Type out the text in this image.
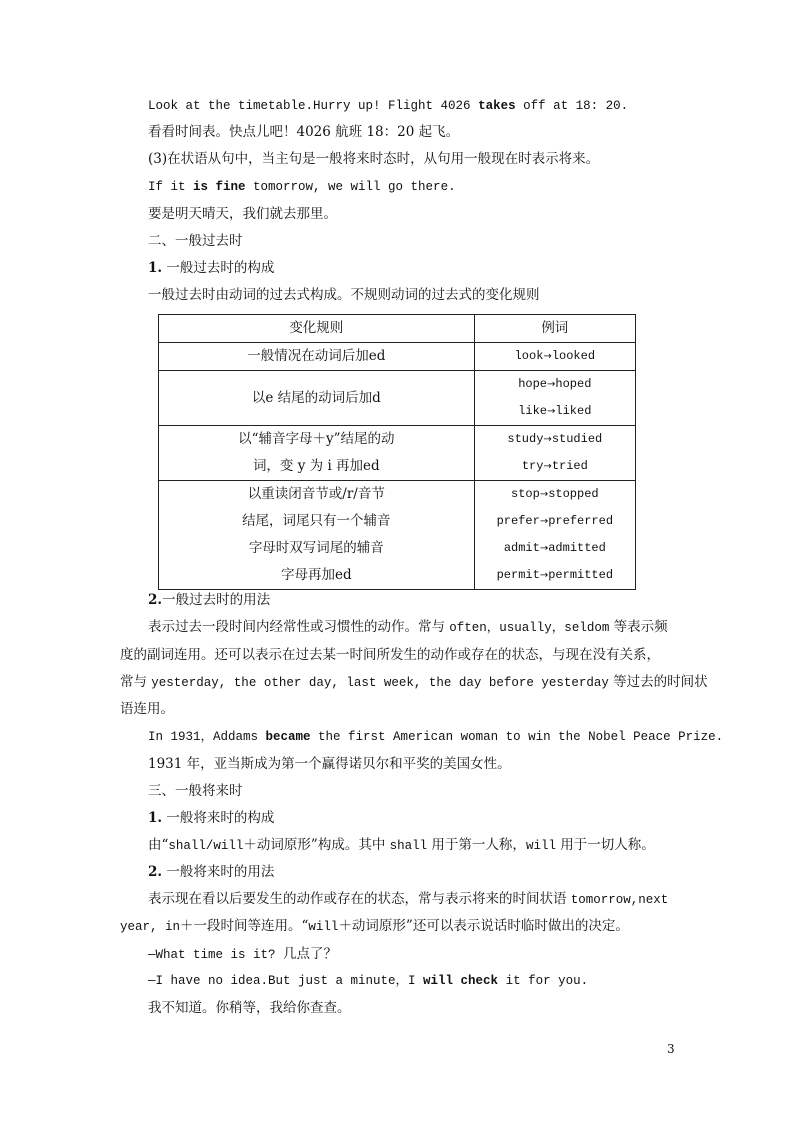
Look at the timetable.Hurry up! Flight 4026 takes off at 18: 20.
看看时间表。快点儿吧！4026 航班 18：20 起飞。
(3)在状语从句中，当主句是一般将来时态时，从句用一般现在时表示将来。
If it is fine tomorrow, we will go there.
要是明天晴天，我们就去那里。
二、一般过去时
1. 一般过去时的构成
一般过去时由动词的过去式构成。不规则动词的过去式的变化规则
变化规则	例词

一般情况在动词后加ed	look→looked

以e 结尾的动词后加d	hope→hoped
like→liked

以“辅音字母＋y”结尾的动
词，变 y 为 i 再加ed	study→studied
try→tried

以重读闭音节或/r/音节
结尾，词尾只有一个辅音
字母时双写词尾的辅音
字母再加ed	stop→stopped
prefer→preferred
admit→admitted
permit→permitted
2.一般过去时的用法
表示过去一段时间内经常性或习惯性的动作。常与 often，usually，seldom 等表示频
度的副词连用。还可以表示在过去某一时间所发生的动作或存在的状态，与现在没有关系，
常与 yesterday, the other day, last week, the day before yesterday 等过去的时间状
语连用。
In 1931，Addams became the first American woman to win the Nobel Peace Prize.
1931 年，亚当斯成为第一个赢得诺贝尔和平奖的美国女性。
三、一般将来时
1. 一般将来时的构成
由“shall/will＋动词原形”构成。其中 shall 用于第一人称，will 用于一切人称。
2. 一般将来时的用法
表示现在看以后要发生的动作或存在的状态，常与表示将来的时间状语 tomorrow,next
year, in＋一段时间等连用。“will＋动词原形”还可以表示说话时临时做出的决定。
—What time is it? 几点了？
—I have no idea.But just a minute，I will check it for you.
我不知道。你稍等，我给你查查。
3
